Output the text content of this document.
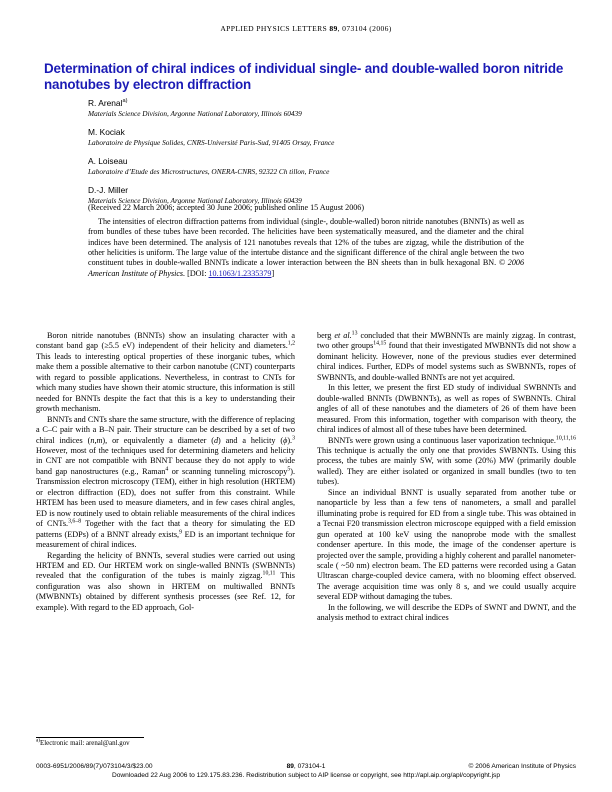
APPLIED PHYSICS LETTERS 89, 073104 (2006)
Determination of chiral indices of individual single- and double-walled boron nitride nanotubes by electron diffraction
R. Arenal$^{a)}$
Materials Science Division, Argonne National Laboratory, Illinois 60439
M. Kociak
Laboratoire de Physique Solides, CNRS-Université Paris-Sud, 91405 Orsay, France
A. Loiseau
Laboratoire d’Etude des Microstructures, ONERA-CNRS, 92322 Ch tillon, France
D.-J. Miller
Materials Science Division, Argonne National Laboratory, Illinois 60439
(Received 22 March 2006; accepted 30 June 2006; published online 15 August 2006)
The intensities of electron diffraction patterns from individual (single-, double-walled) boron nitride nanotubes (BNNTs) as well as from bundles of these tubes have been recorded. The helicities have been systematically measured, and the diameter and the chiral indices have been determined. The analysis of 121 nanotubes reveals that 12% of the tubes are zigzag, while the distribution of the other helicities is uniform. The large value of the intertube distance and the significant difference of the chiral angle between the two constituent tubes in double-walled BNNTs indicate a lower interaction between the BN sheets than in bulk hexagonal BN. © 2006 American Institute of Physics. [DOI: 10.1063/1.2335379]

Boron nitride nanotubes (BNNTs) show an insulating character with a constant band gap (≥5.5 eV) independent of their helicity and diameters.$^{1,2}$ This leads to interesting optical properties of these inorganic tubes, which make them a possible alternative to their carbon nanotube (CNT) counterparts with regard to possible applications. Nevertheless, in contrast to CNTs for which many studies have shown their atomic structure, this information is still needed for BNNTs despite the fact that this is a key to understanding their growth mechanism.

BNNTs and CNTs share the same structure, with the difference of replacing a C–C pair with a B–N pair. Their structure can be described by a set of two chiral indices (n,m), or equivalently a diameter (d) and a helicity (ϕ).$^3$ However, most of the techniques used for determining diameters and helicity in CNT are not compatible with BNNT because they do not apply to wide band gap nanostructures (e.g., Raman$^4$ or scanning tunneling microscopy$^5$). Transmission electron microscopy (TEM), either in high resolution (HRTEM) or electron diffraction (ED), does not suffer from this constraint. While HRTEM has been used to measure diameters, and in few cases chiral angles, ED is now routinely used to obtain reliable measurements of the chiral indices of CNTs.$^{3,6-8}$ Together with the fact that a theory for simulating the ED patterns (EDPs) of a BNNT already exists,$^9$ ED is an important technique for measurement of chiral indices.

Regarding the helicity of BNNTs, several studies were carried out using HRTEM and ED. Our HRTEM work on single-walled BNNTs (SWBNNTs) revealed that the configuration of the tubes is mainly zigzag.$^{10,11}$ This configuration was also shown in HRTEM on multiwalled BNNTs (MWBNNTs) obtained by different synthesis processes (see Ref. 12, for example). With regard to the ED approach, Gol-

berg et al.$^{13}$ concluded that their MWBNNTs are mainly zigzag. In contrast, two other groups$^{14,15}$ found that their investigated MWBNNTs did not show a dominant helicity. However, none of the previous studies ever determined chiral indices. Further, EDPs of model systems such as SWBNNTs, ropes of SWBNNTs, and double-walled BNNTs are not yet acquired.

In this letter, we present the first ED study of individual SWBNNTs and double-walled BNNTs (DWBNNTs), as well as ropes of SWBNNTs. Chiral angles of all of these nanotubes and the diameters of 26 of them have been measured. From this information, together with comparison with theory, the chiral indices of almost all of these tubes have been determined.

BNNTs were grown using a continuous laser vaporization technique.$^{10,11,16}$ This technique is actually the only one that provides SWBNNTs. Using this process, the tubes are mainly SW, with some (20%) MW (primarily double walled). They are either isolated or organized in small bundles (two to ten tubes).

Since an individual BNNT is usually separated from another tube or nanoparticle by less than a few tens of nanometers, a small and parallel illuminating probe is required for ED from a single tube. This was obtained in a Tecnai F20 transmission electron microscope equipped with a field emission gun operated at 100 keV using the nanoprobe mode with the smallest condenser aperture. In this mode, the image of the condenser aperture is projected over the sample, providing a highly coherent and parallel nanometer-scale ( ~50 nm) electron beam. The ED patterns were recorded using a Gatan Ultrascan charge-coupled device camera, with no blooming effect observed. The average acquisition time was only 8 s, and we could usually acquire several EDP without damaging the tubes.

In the following, we will describe the EDPs of SWNT and DWNT, and the analysis method to extract chiral indices

$^{a)}$Electronic mail: arenal@anl.gov
0003-6951/2006/89(7)/073104/3/$23.00	89, 073104-1	© 2006 American Institute of Physics
Downloaded 22 Aug 2006 to 129.175.83.236. Redistribution subject to AIP license or copyright, see http://apl.aip.org/apl/copyright.jsp
